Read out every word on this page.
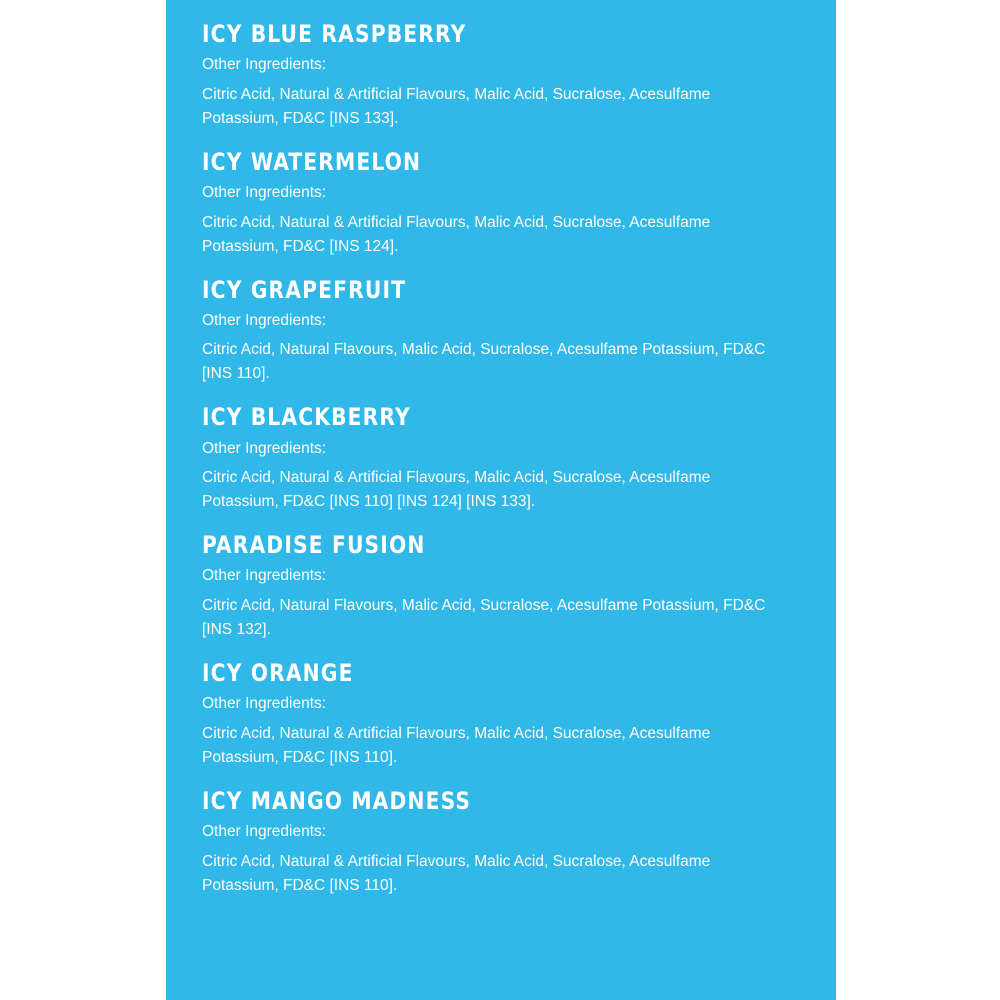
ICY BLUE RASPBERRY

Other Ingredients:

Citric Acid, Natural & Artificial Flavours, Malic Acid, Sucralose, Acesulfame Potassium, FD&C [INS 133].

ICY WATERMELON

Other Ingredients:

Citric Acid, Natural & Artificial Flavours, Malic Acid, Sucralose, Acesulfame Potassium, FD&C [INS 124].

ICY GRAPEFRUIT

Other Ingredients:

Citric Acid, Natural Flavours, Malic Acid, Sucralose, Acesulfame Potassium, FD&C [INS 110].

ICY BLACKBERRY

Other Ingredients:

Citric Acid, Natural & Artificial Flavours, Malic Acid, Sucralose, Acesulfame Potassium, FD&C [INS 110] [INS 124] [INS 133].

PARADISE FUSION

Other Ingredients:

Citric Acid, Natural Flavours, Malic Acid, Sucralose, Acesulfame Potassium, FD&C [INS 132].

ICY ORANGE

Other Ingredients:

Citric Acid, Natural & Artificial Flavours, Malic Acid, Sucralose, Acesulfame Potassium, FD&C [INS 110].

ICY MANGO MADNESS

Other Ingredients:

Citric Acid, Natural & Artificial Flavours, Malic Acid, Sucralose, Acesulfame Potassium, FD&C [INS 110].
